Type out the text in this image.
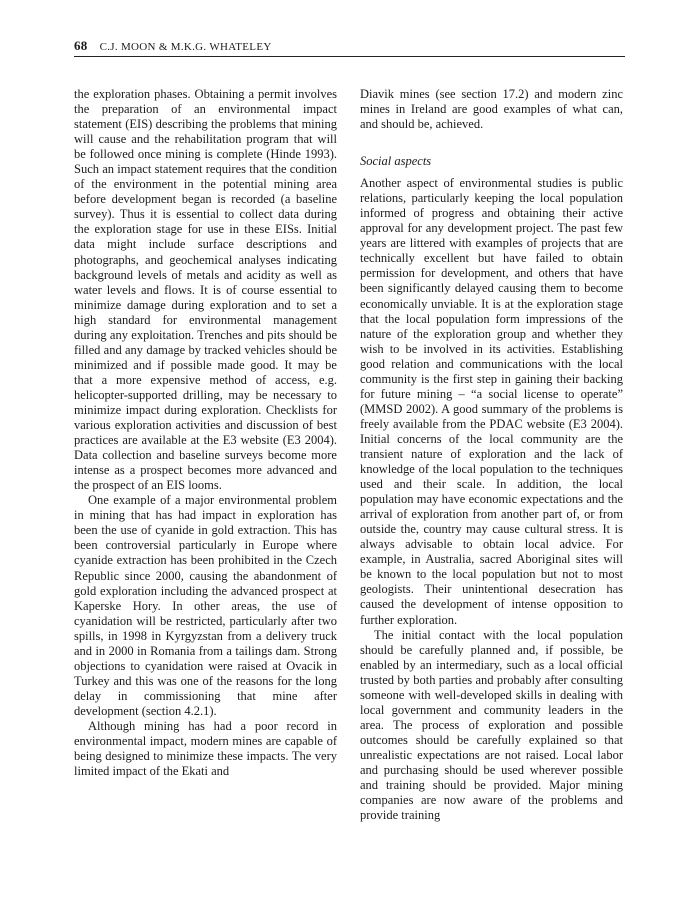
68 C.J. MOON & M.K.G. WHATELEY

the exploration phases. Obtaining a permit involves the preparation of an environmental impact statement (EIS) describing the problems that mining will cause and the rehabilitation program that will be followed once mining is complete (Hinde 1993). Such an impact statement requires that the condition of the environment in the potential mining area before development began is recorded (a baseline survey). Thus it is essential to collect data during the exploration stage for use in these EISs. Initial data might include surface descriptions and photographs, and geochemical analyses indicating background levels of metals and acidity as well as water levels and flows. It is of course essential to minimize damage during exploration and to set a high standard for environmental management during any exploitation. Trenches and pits should be filled and any damage by tracked vehicles should be minimized and if possible made good. It may be that a more expensive method of access, e.g. helicopter-supported drilling, may be necessary to minimize impact during exploration. Checklists for various exploration activities and discussion of best practices are available at the E3 website (E3 2004). Data collection and baseline surveys become more intense as a prospect becomes more advanced and the prospect of an EIS looms.

One example of a major environmental problem in mining that has had impact in exploration has been the use of cyanide in gold extraction. This has been controversial particularly in Europe where cyanide extraction has been prohibited in the Czech Republic since 2000, causing the abandonment of gold exploration including the advanced prospect at Kaperske Hory. In other areas, the use of cyanidation will be restricted, particularly after two spills, in 1998 in Kyrgyzstan from a delivery truck and in 2000 in Romania from a tailings dam. Strong objections to cyanidation were raised at Ovacik in Turkey and this was one of the reasons for the long delay in commissioning that mine after development (section 4.2.1).

Although mining has had a poor record in environmental impact, modern mines are capable of being designed to minimize these impacts. The very limited impact of the Ekati and

Diavik mines (see section 17.2) and modern zinc mines in Ireland are good examples of what can, and should be, achieved.

Social aspects

Another aspect of environmental studies is public relations, particularly keeping the local population informed of progress and obtaining their active approval for any development project. The past few years are littered with examples of projects that are technically excellent but have failed to obtain permission for development, and others that have been significantly delayed causing them to become economically unviable. It is at the exploration stage that the local population form impressions of the nature of the exploration group and whether they wish to be involved in its activities. Establishing good relation and communications with the local community is the first step in gaining their backing for future mining – “a social license to operate” (MMSD 2002). A good summary of the problems is freely available from the PDAC website (E3 2004). Initial concerns of the local community are the transient nature of exploration and the lack of knowledge of the local population to the techniques used and their scale. In addition, the local population may have economic expectations and the arrival of exploration from another part of, or from outside the, country may cause cultural stress. It is always advisable to obtain local advice. For example, in Australia, sacred Aboriginal sites will be known to the local population but not to most geologists. Their unintentional desecration has caused the development of intense opposition to further exploration.

The initial contact with the local population should be carefully planned and, if possible, be enabled by an intermediary, such as a local official trusted by both parties and probably after consulting someone with well-developed skills in dealing with local government and community leaders in the area. The process of exploration and possible outcomes should be carefully explained so that unrealistic expectations are not raised. Local labor and purchasing should be used wherever possible and training should be provided. Major mining companies are now aware of the problems and provide training
